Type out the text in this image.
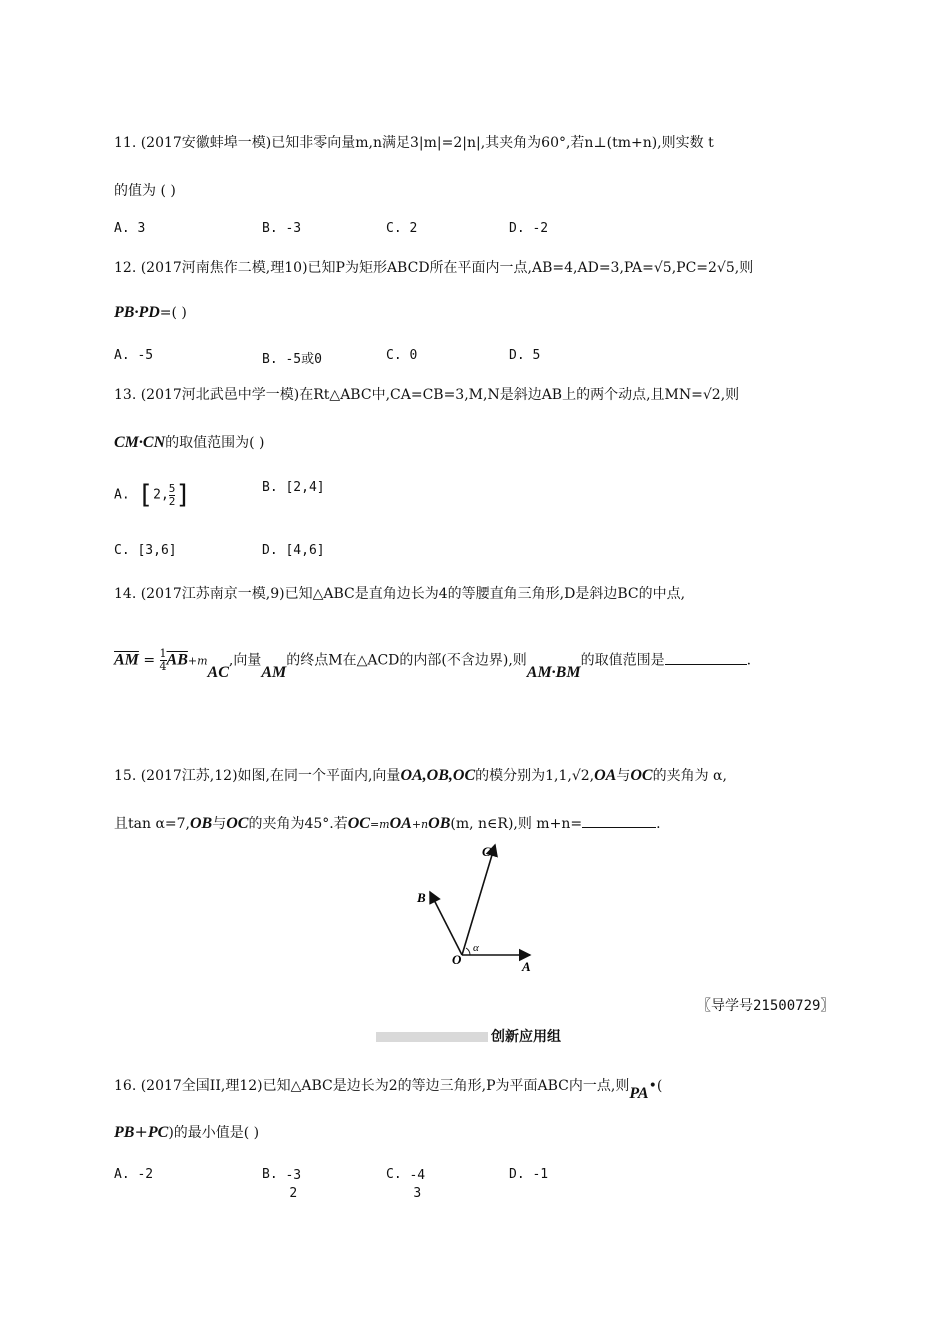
11. (2017安徽蚌埠一模)已知非零向量m,n满足3|m|=2|n|,其夹角为60°,若n⊥(tm+n),则实数 t
的值为 ( )
A. 3	B. -3	C. 2	D. -2
12. (2017河南焦作二模,理10)已知P为矩形ABCD所在平面内一点,AB=4,AD=3,PA=√5,PC=2√5,则
PB·PD=( )
A. -5	B. -5或0	C. 0	D. 5
13. (2017河北武邑中学一模)在Rt△ABC中,CA=CB=3,M,N是斜边AB上的两个动点,且MN=√2,则
CM·CN的取值范围为( )
A. [2, $\frac{5}{2}$ ]	B. [2,4]
C. [3,6]	D. [4,6]
14. (2017江苏南京一模,9)已知△ABC是直角边长为4的等腰直角三角形,D是斜边BC的中点,
$\overline{AM} = \frac{1}{4} \overline{AB}+mAC$,向量AM的终点M在△ACD的内部(不含边界),则AM·BM的取值范围是	.
15. (2017江苏,12)如图,在同一个平面内,向量OA,OB,OC的模分别为1,1,√2,OA与OC的夹角为 α,
且tan α=7,OB与OC的夹角为45°.若OC=mOA+nOB(m, n∈R),则 m+n=	.
C
B
O	A
α
〖导学号21500729〗
创新应用组
16. (2017全国II,理12)已知△ABC是边长为2的等边三角形,P为平面ABC内一点,则PA•(
PB+PC)的最小值是( )
A. -2	B. -3
2
C. -4
3
D. -1
